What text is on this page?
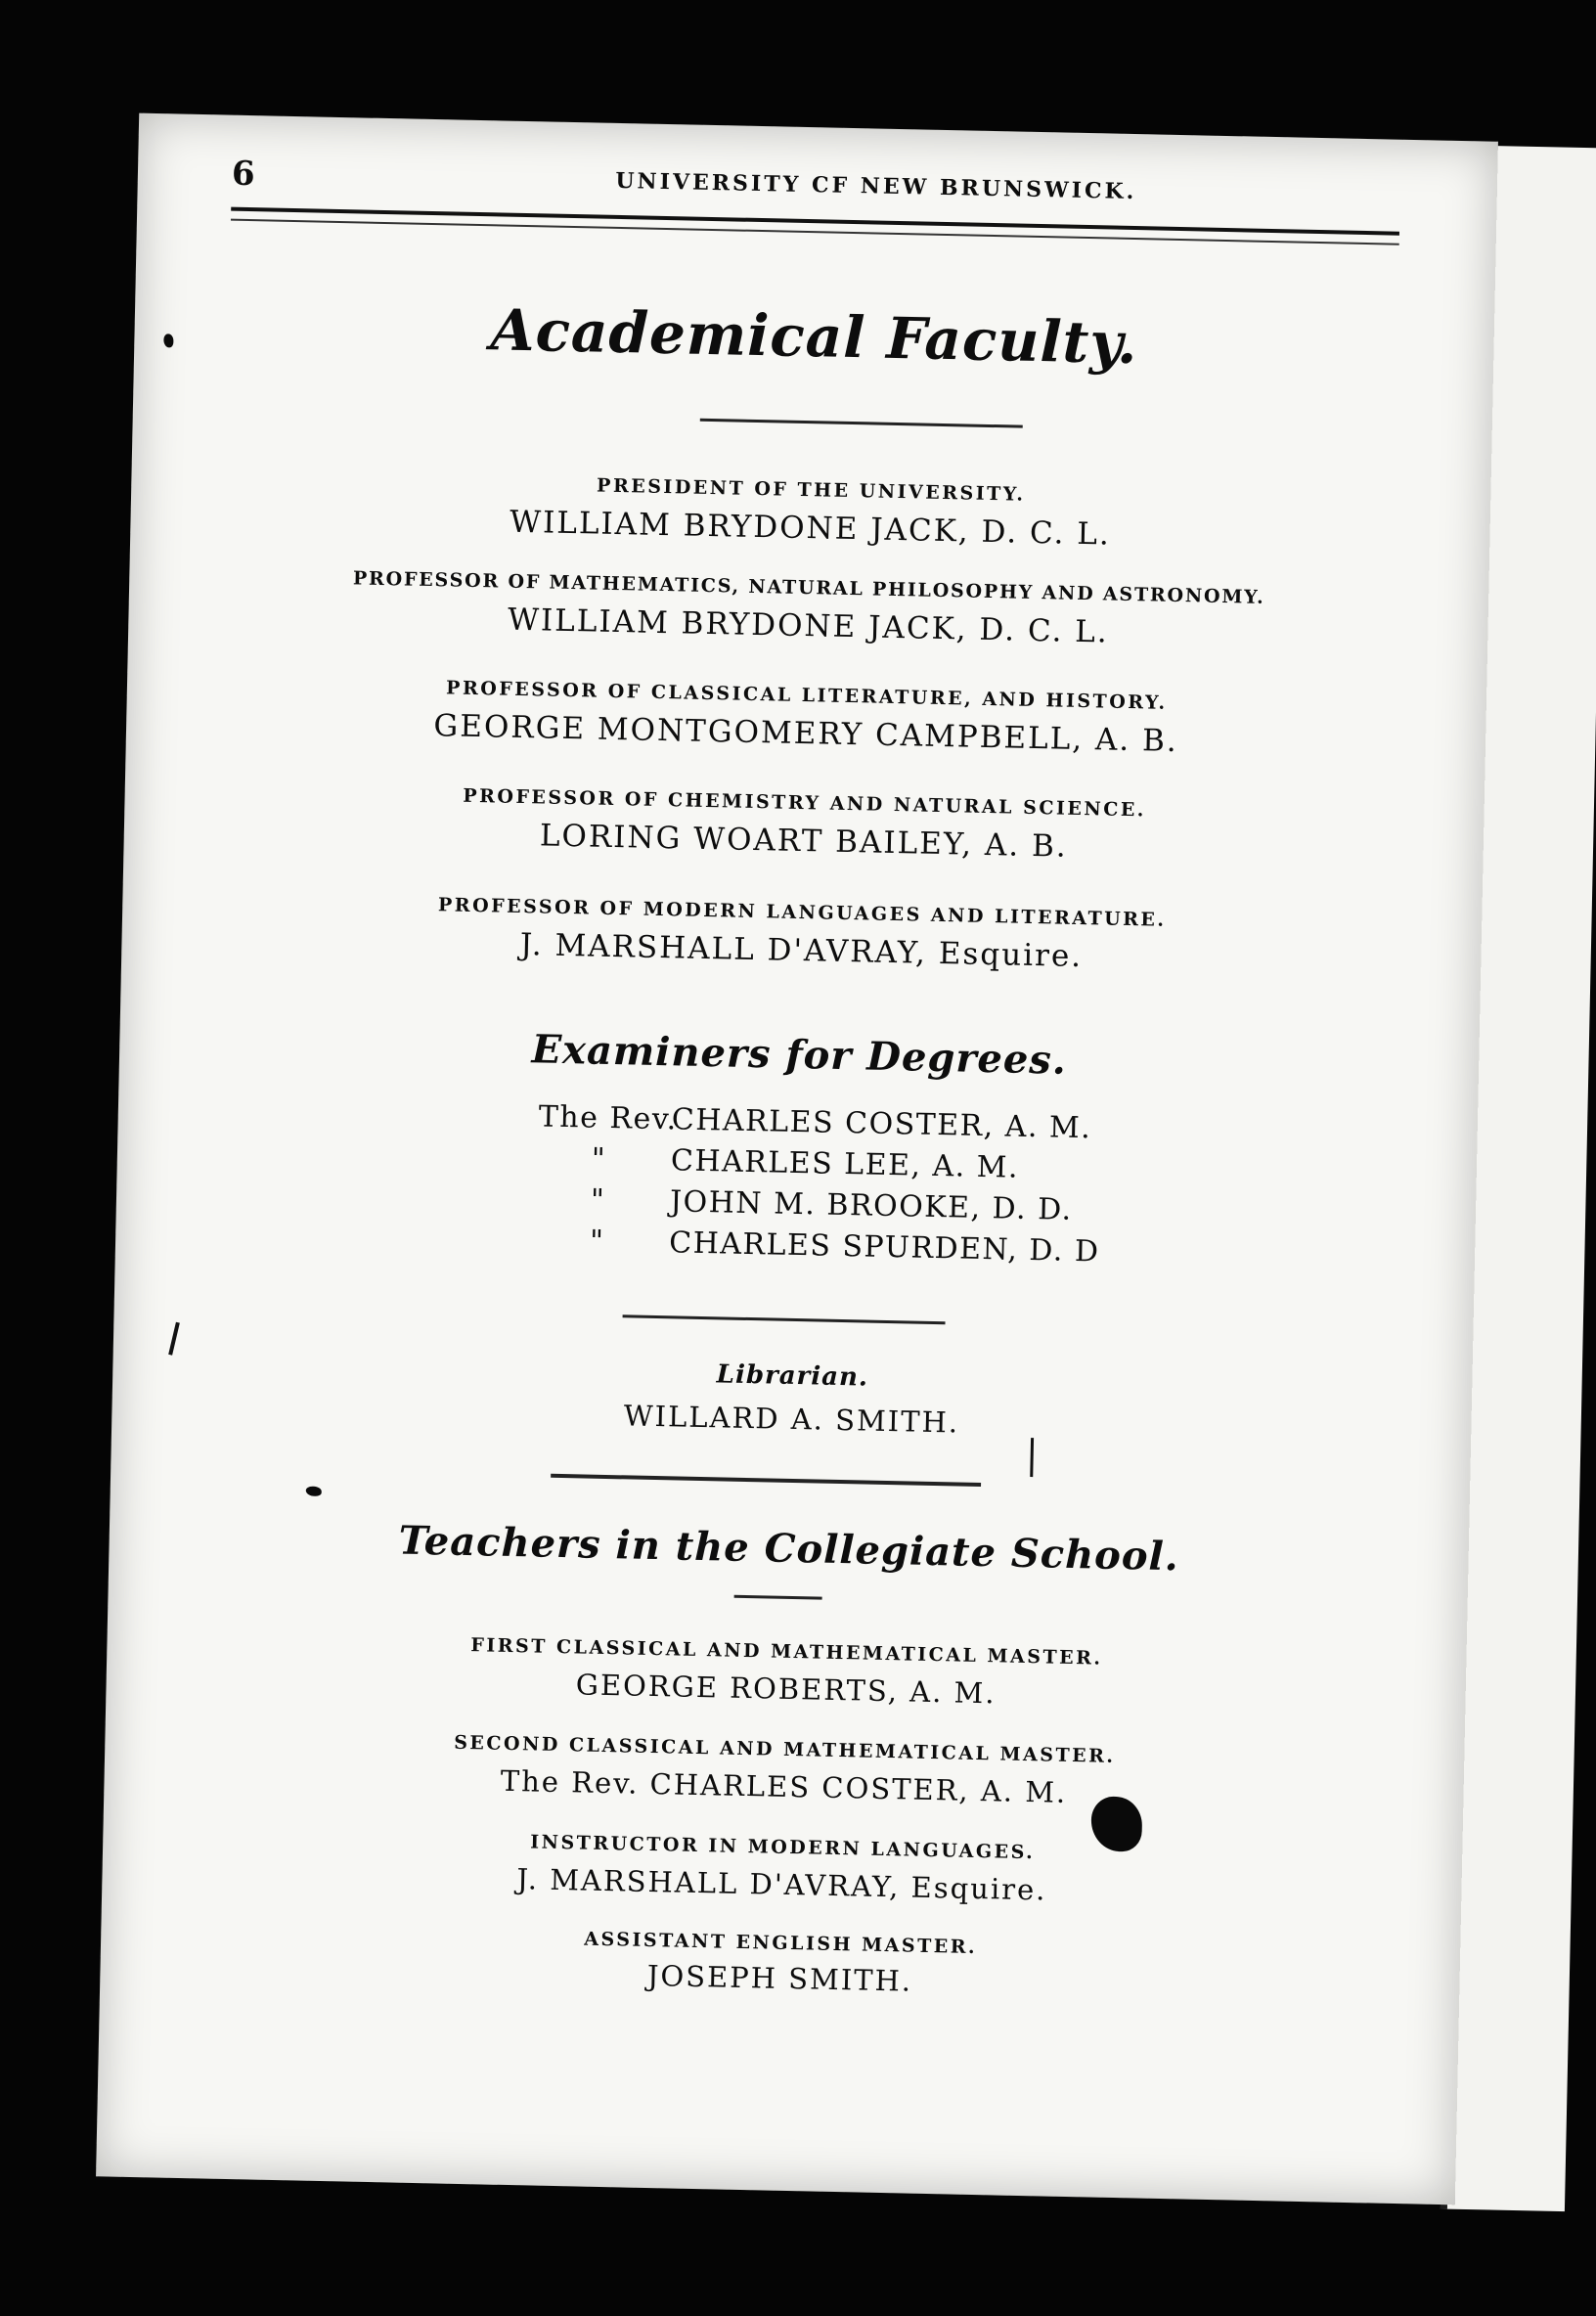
6	UNIVERSITY CF NEW BRUNSWICK.
Academical Faculty.
PRESIDENT OF THE UNIVERSITY.
WILLIAM BRYDONE JACK, D. C. L.
PROFESSOR OF MATHEMATICS, NATURAL PHILOSOPHY AND ASTRONOMY.
WILLIAM BRYDONE JACK, D. C. L.
PROFESSOR OF CLASSICAL LITERATURE, AND HISTORY.
GEORGE MONTGOMERY CAMPBELL, A. B.
PROFESSOR OF CHEMISTRY AND NATURAL SCIENCE.
LORING WOART BAILEY, A. B.
PROFESSOR OF MODERN LANGUAGES AND LITERATURE.
J. MARSHALL D'AVRAY, Esquire.
Examiners for Degrees.
The Rev. CHARLES COSTER, A. M.
" CHARLES LEE, A. M.
" JOHN M. BROOKE, D. D.
" CHARLES SPURDEN, D. D
Librarian.
WILLARD A. SMITH.
Teachers in the Collegiate School.
FIRST CLASSICAL AND MATHEMATICAL MASTER.
GEORGE ROBERTS, A. M.
SECOND CLASSICAL AND MATHEMATICAL MASTER.
The Rev. CHARLES COSTER, A. M.
INSTRUCTOR IN MODERN LANGUAGES.
J. MARSHALL D'AVRAY, Esquire.
ASSISTANT ENGLISH MASTER.
JOSEPH SMITH.
